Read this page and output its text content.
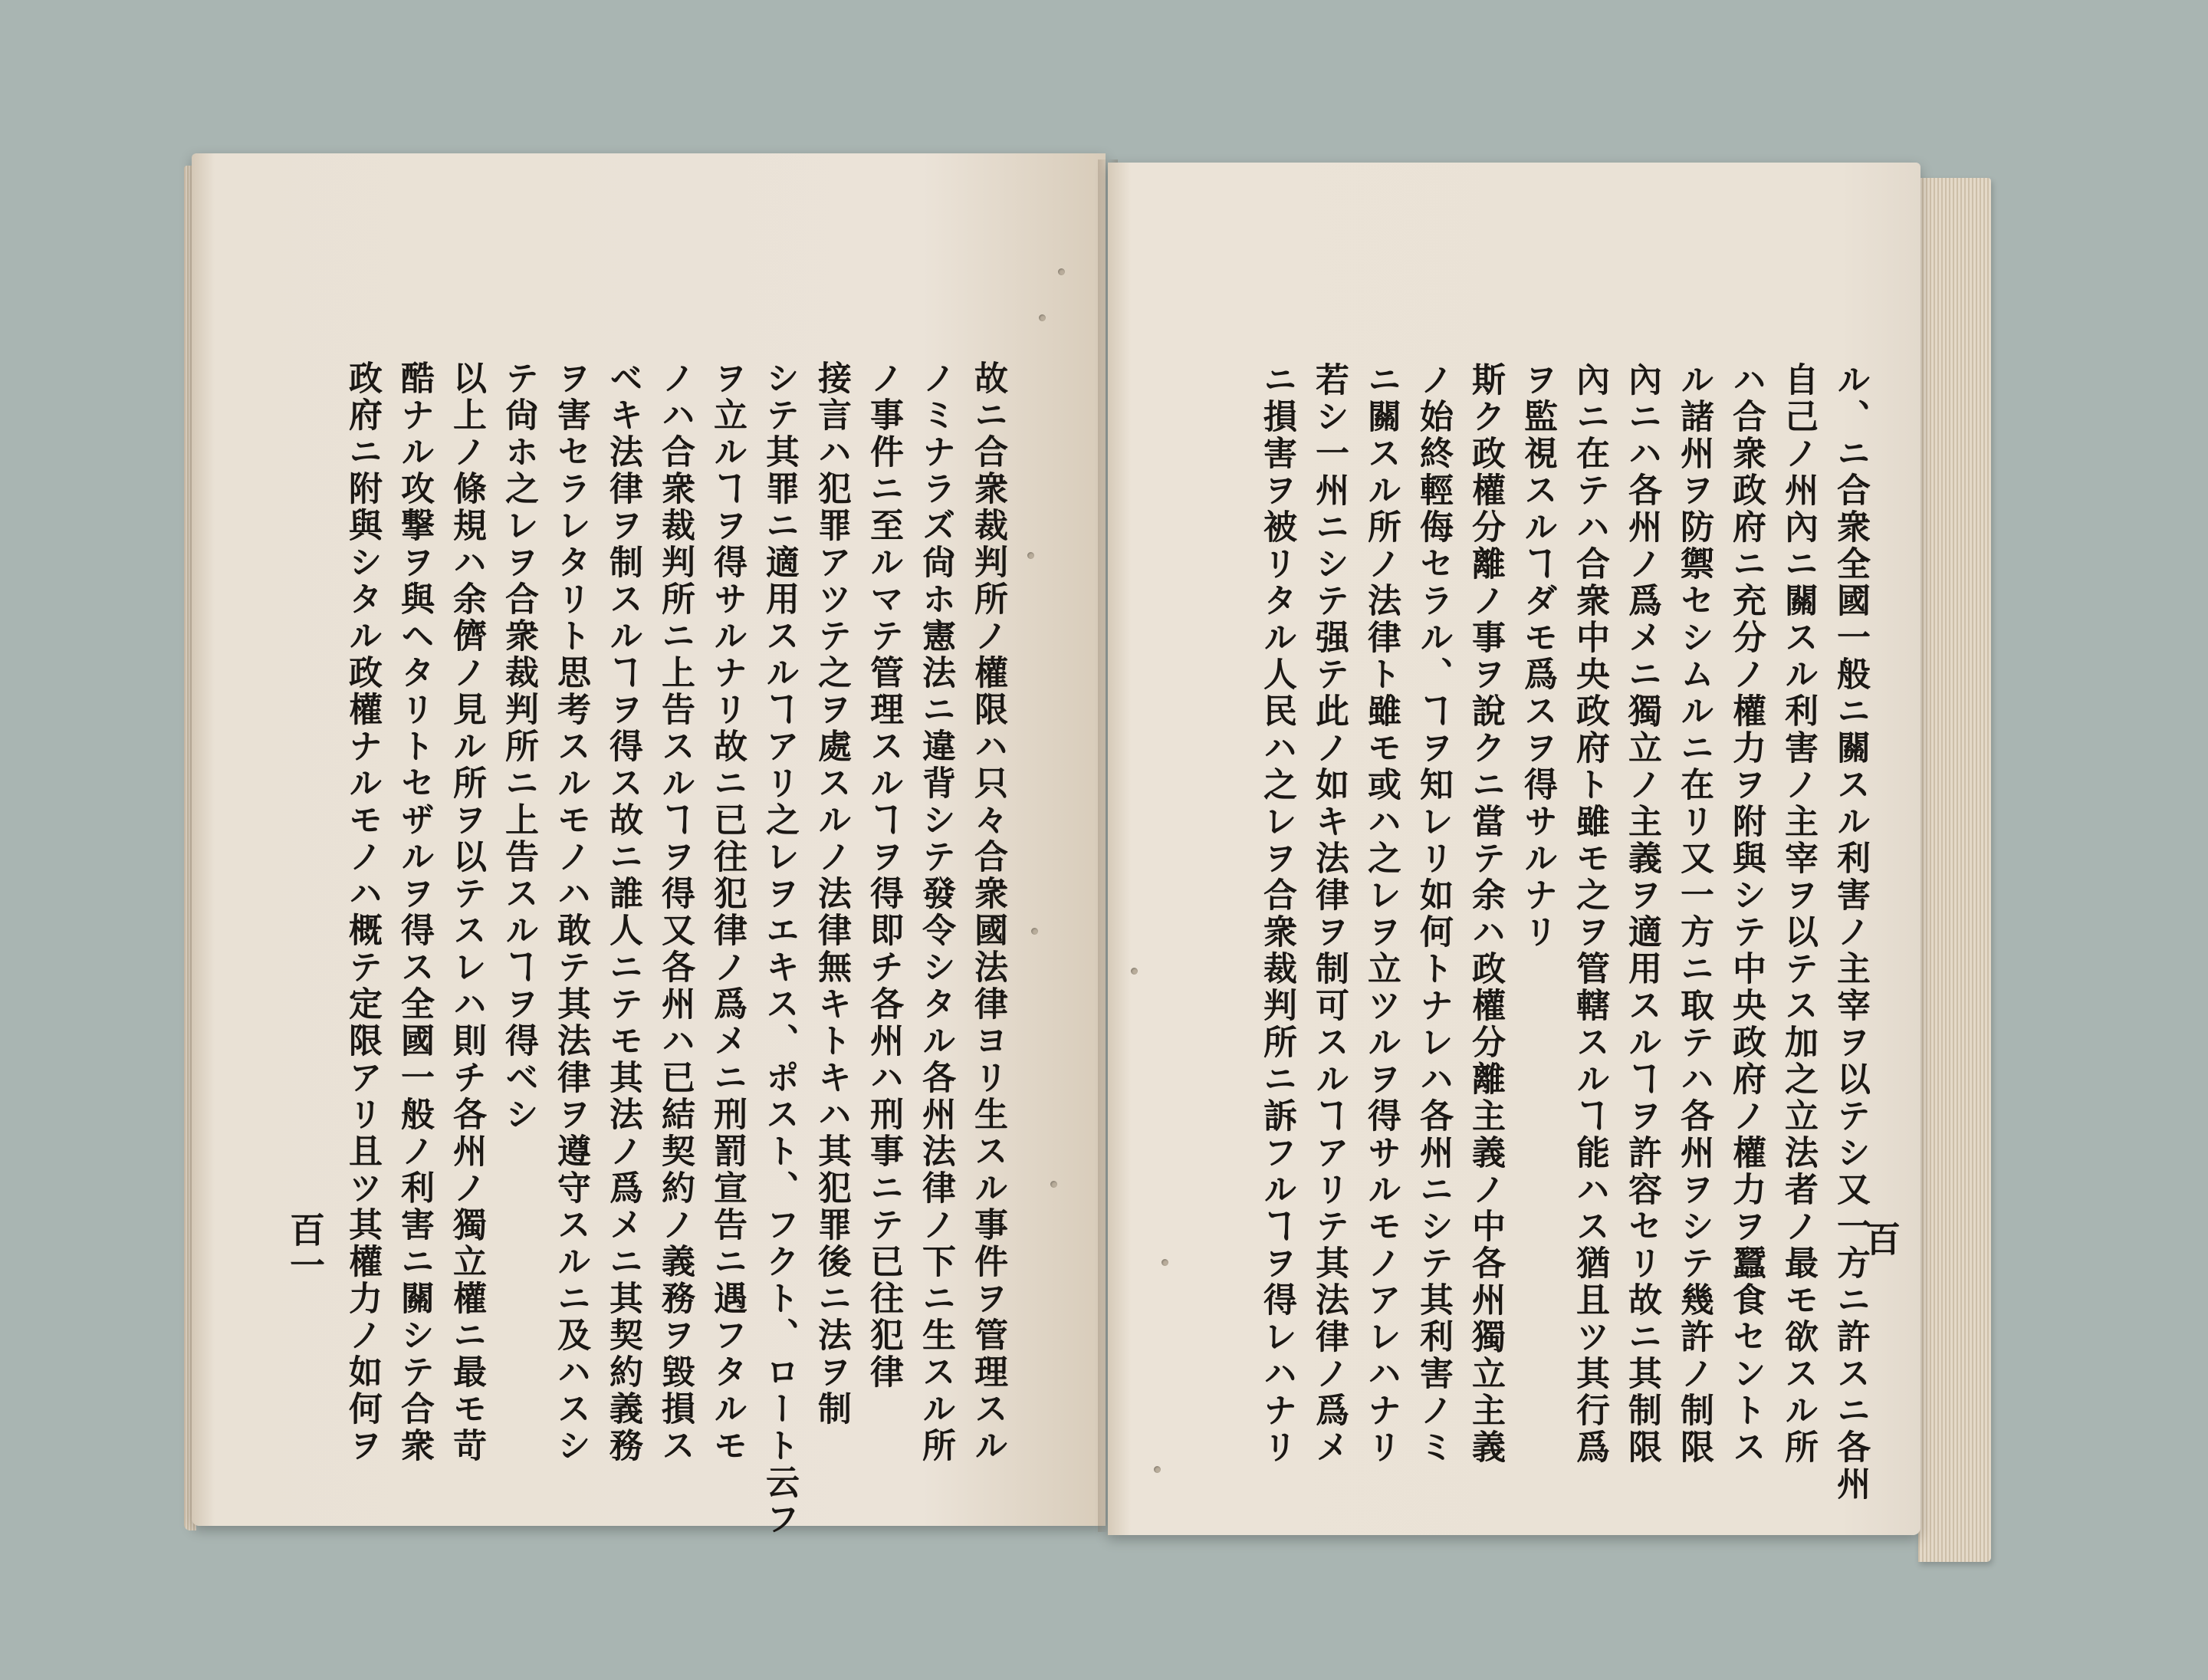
故ニ合衆裁判所ノ權限ハ只々合衆國法律ヨリ生スル事件ヲ管理スル
ノミナラズ尙ホ憲法ニ違背シテ發令シタル各州法律ノ下ニ生スル所
ノ事件ニ至ルマテ管理スルヿヲ得即チ各州ハ刑事ニテ已往犯律
接言ハ犯罪アツテ之ヲ處スルノ法律無キトキハ其犯罪後ニ法ヲ制
シテ其罪ニ適用スルヿアリ之レヲエキス、ポスト、フクト、ロート云フ
ヲ立ルヿヲ得サルナリ故ニ已往犯律ノ爲メニ刑罰宣告ニ遇フタルモ
ノハ合衆裁判所ニ上告スルヿヲ得又各州ハ已結契約ノ義務ヲ毀損ス
ベキ法律ヲ制スルヿヲ得ス故ニ誰人ニテモ其法ノ爲メニ其契約義務
ヲ害セラレタリト思考スルモノハ敢テ其法律ヲ遵守スルニ及ハスシ
テ尙ホ之レヲ合衆裁判所ニ上告スルヿヲ得ベシ
以上ノ條規ハ余儕ノ見ル所ヲ以テスレハ則チ各州ノ獨立權ニ最モ苛
酷ナル攻撃ヲ與ヘタリトセザルヲ得ス全國一般ノ利害ニ關シテ合衆
政府ニ附與シタル政權ナルモノハ概テ定限アリ且ツ其權力ノ如何ヲ
百一	ル、ニ合衆全國一般ニ關スル利害ノ主宰ヲ以テシ又一方ニ許スニ各州
自己ノ州內ニ關スル利害ノ主宰ヲ以テス加之立法者ノ最モ欲スル所
ハ合衆政府ニ充分ノ權力ヲ附與シテ中央政府ノ權力ヲ蠶食セントス
ル諸州ヲ防禦セシムルニ在リ又一方ニ取テハ各州ヲシテ幾許ノ制限
內ニハ各州ノ爲メニ獨立ノ主義ヲ適用スルヿヲ許容セリ故ニ其制限
內ニ在テハ合衆中央政府ト雖モ之ヲ管轄スルヿ能ハス猶且ツ其行爲
ヲ監視スルヿダモ爲スヲ得サルナリ
斯ク政權分離ノ事ヲ說クニ當テ余ハ政權分離主義ノ中各州獨立主義
ノ始終輕侮セラル、ヿヲ知レリ如何トナレハ各州ニシテ其利害ノミ
ニ關スル所ノ法律ト雖モ或ハ之レヲ立ツルヲ得サルモノアレハナリ
若シ一州ニシテ强テ此ノ如キ法律ヲ制可スルヿアリテ其法律ノ爲メ
ニ損害ヲ被リタル人民ハ之レヲ合衆裁判所ニ訴フルヿヲ得レハナリ	百
